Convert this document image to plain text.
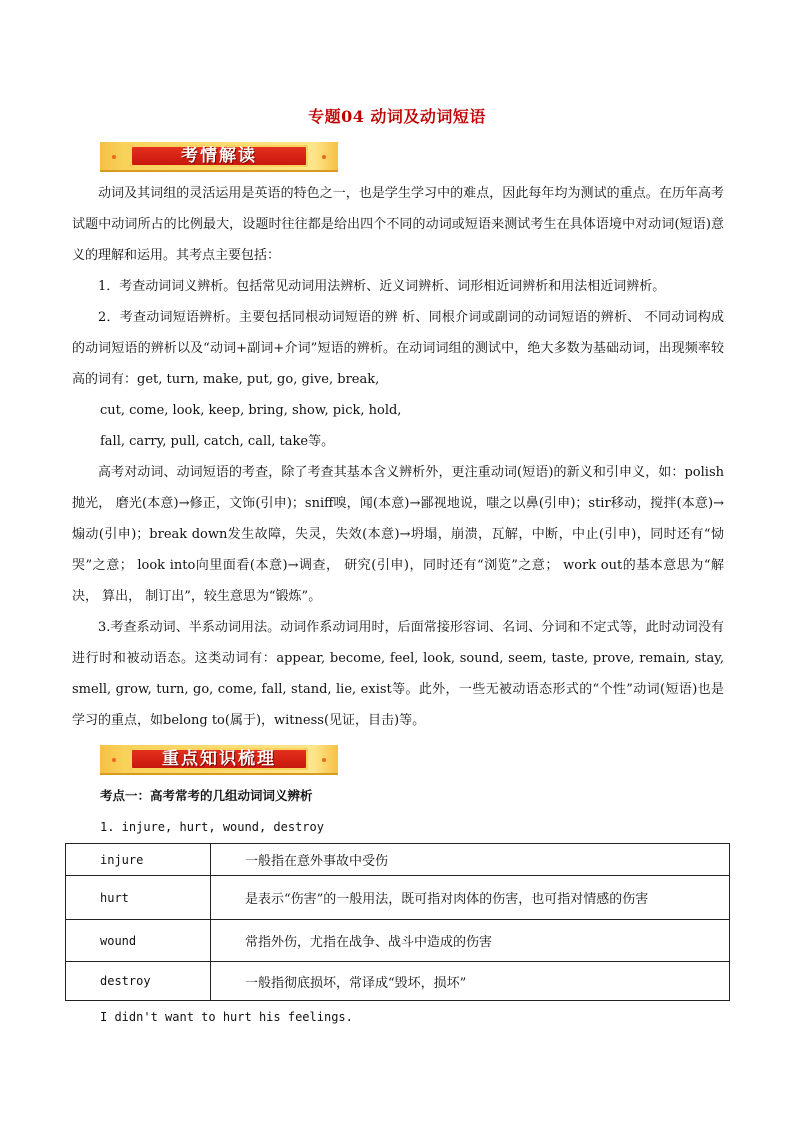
专题04 动词及动词短语
考情解读

动词及其词组的灵活运用是英语的特色之一，也是学生学习中的难点，因此每年均为测试的重点。在历年高考试题中动词所占的比例最大，设题时往往都是给出四个不同的动词或短语来测试考生在具体语境中对动词(短语)意义的理解和运用。其考点主要包括：

1．考查动词词义辨析。包括常见动词用法辨析、近义词辨析、词形相近词辨析和用法相近词辨析。

2．考查动词短语辨析。主要包括同根动词短语的辨 析、同根介词或副词的动词短语的辨析、 不同动词构成的动词短语的辨析以及“动词+副词+介词”短语的辨析。在动词词组的测试中，绝大多数为基础动词，出现频率较高的词有：get, turn, make, put, go, give, break,

cut, come, look, keep, bring, show, pick, hold,

fall, carry, pull, catch, call, take等。

高考对动词、动词短语的考查，除了考查其基本含义辨析外，更注重动词(短语)的新义和引申义，如：polish抛光， 磨光(本意)→修正，文饰(引申)；sniff嗅，闻(本意)→鄙视地说，嗤之以鼻(引申)；stir移动，搅拌(本意)→煽动(引申)；break down发生故障，失灵，失效(本意)→坍塌，崩溃，瓦解，中断，中止(引申)，同时还有“恸哭”之意； look into向里面看(本意)→调查， 研究(引申)，同时还有“浏览”之意； work out的基本意思为“解决， 算出， 制订出”，较生意思为“锻炼”。

3.考查系动词、半系动词用法。动词作系动词用时，后面常接形容词、名词、分词和不定式等，此时动词没有进行时和被动语态。这类动词有：appear, become, feel, look, sound, seem, taste, prove, remain, stay, smell, grow, turn, go, come, fall, stand, lie, exist等。此外，一些无被动语态形式的“个性”动词(短语)也是学习的重点，如belong to(属于)，witness(见证，目击)等。

重点知识梳理
考点一：高考常考的几组动词词义辨析
1. injure, hurt, wound, destroy
injure	一般指在意外事故中受伤
hurt	是表示“伤害”的一般用法，既可指对肉体的伤害，也可指对情感的伤害
wound	常指外伤，尤指在战争、战斗中造成的伤害
destroy	一般指彻底损坏，常译成“毁坏，损坏”
I didn't want to hurt his feelings.
